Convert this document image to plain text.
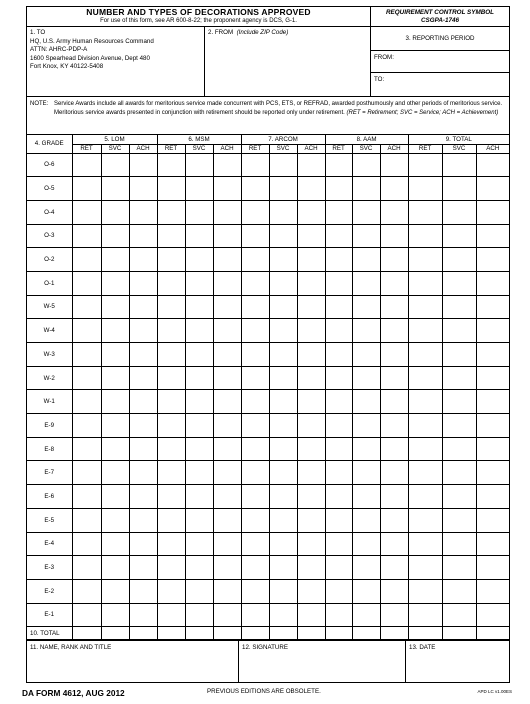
NUMBER AND TYPES OF DECORATIONS APPROVED
For use of this form, see AR 600-8-22; the proponent agency is DCS, G-1.
REQUIREMENT CONTROL SYMBOL
CSGPA-1746
1. TO
HQ, U.S. Army Human Resources Command
ATTN: AHRC-PDP-A
1600 Spearhead Division Avenue, Dept 480
Fort Knox, KY 40122-5408
2. FROM (Include ZIP Code)
3. REPORTING PERIOD
FROM:
TO:
NOTE: Service Awards include all awards for meritorious service made concurrent with PCS, ETS, or REFRAD, awarded posthumously and other periods of meritorious service. Meritorious service awards presented in conjunction with retirement should be reported only under retirement. (RET = Retirement; SVC = Service; ACH = Achievement)
4. GRADE	5. LOM			6. MSM			7. ARCOM			8. AAM			9. TOTAL		
	RET	SVC	ACH	RET	SVC	ACH	RET	SVC	ACH	RET	SVC	ACH	RET	SVC	ACH
O-6															
O-5															
O-4															
O-3															
O-2															
O-1															
W-5															
W-4															
W-3															
W-2															
W-1															
E-9															
E-8															
E-7															
E-6															
E-5															
E-4															
E-3															
E-2															
E-1															
10. TOTAL															
11. NAME, RANK AND TITLE	12. SIGNATURE	13. DATE
DA FORM 4612, AUG 2012	PREVIOUS EDITIONS ARE OBSOLETE.	APD LC v1.00ES
